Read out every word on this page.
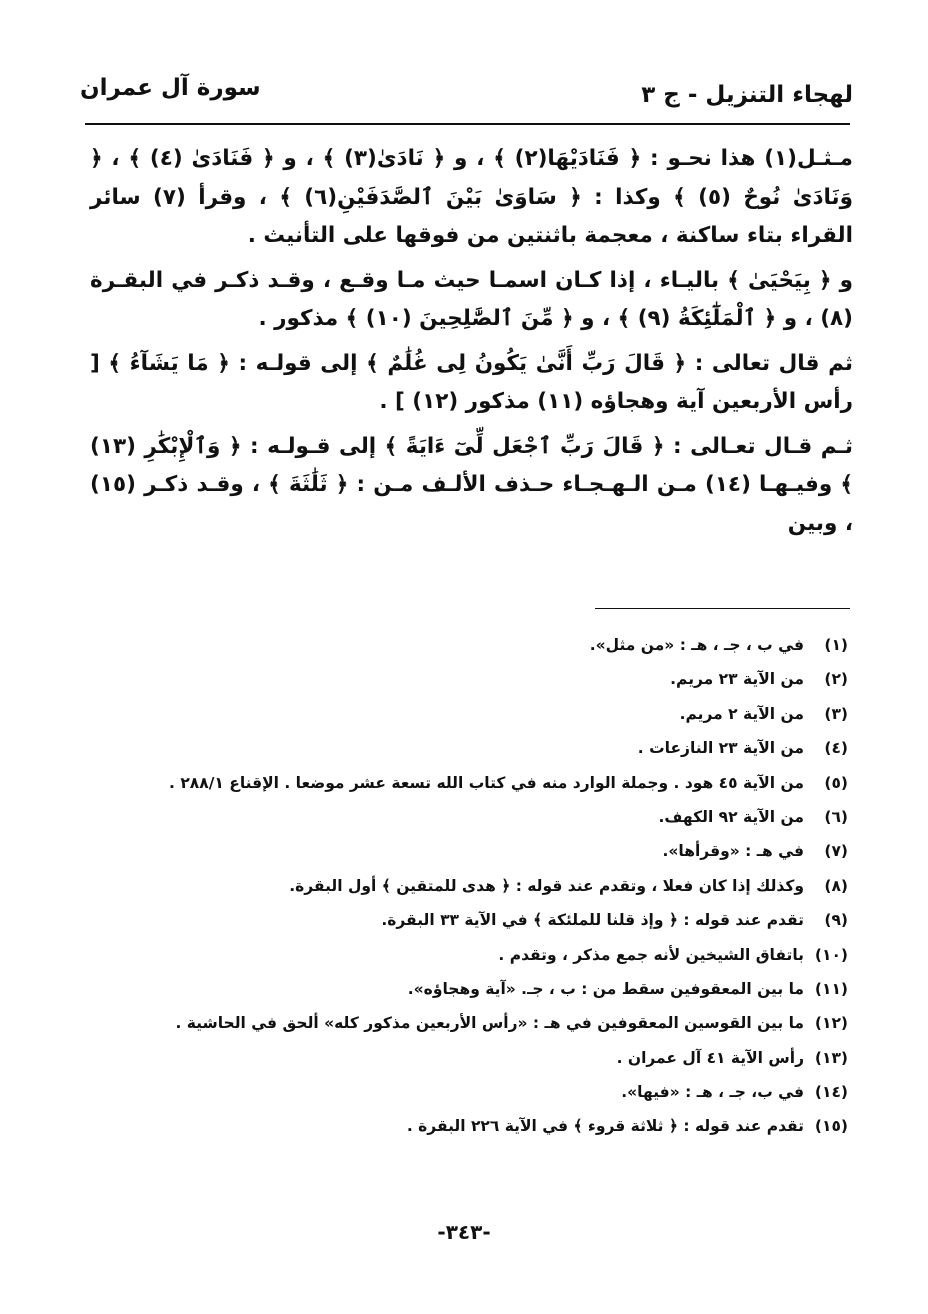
لهجاء التنزيل - ج ٣
سورة آل عمران

مـثـل(١) هذا نحـو : ﴿ فَنَادَيْهَا(٢) ﴾ ، و ﴿ نَادَىٰ(٣) ﴾ ، و ﴿ فَنَادَىٰ (٤) ﴾ ، ﴿ وَنَادَىٰ نُوحٌ (٥) ﴾ وكذا : ﴿ سَاوَىٰ بَيْنَ ٱلصَّدَفَيْنِ(٦) ﴾ ، وقرأ (٧) سائر القراء بتاء ساكنة ، معجمة باثنتين من فوقها على التأنيث .

و ﴿ بِيَحْيَىٰ ﴾ باليـاء ، إذا كـان اسمـا حيث مـا وقـع ، وقـد ذكـر في البقـرة (٨) ، و ﴿ ٱلْمَلَٰٓئِكَةُ (٩) ﴾ ، و ﴿ مِّنَ ٱلصَّٰلِحِينَ (١٠) ﴾ مذكور .

ثم قال تعالى : ﴿ قَالَ رَبِّ أَنَّىٰ يَكُونُ لِى غُلَٰمٌ ﴾ إلى قولـه : ﴿ مَا يَشَآءُ ﴾ [ رأس الأربعين آية وهجاؤه (١١) مذكور (١٢) ] .

ثـم قـال تعـالى : ﴿ قَالَ رَبِّ ٱجْعَل لِّىٓ ءَايَةً ﴾ إلى قـولـه : ﴿ وَٱلْإِبْكَٰرِ (١٣) ﴾ وفيـهـا (١٤) مـن الـهـجـاء حـذف الألـف مـن : ﴿ ثَلَٰثَةَ ﴾ ، وقـد ذكـر (١٥) ، وبين

(١)في ب ، جـ ، هـ : «من مثل».
(٢)من الآية ٢٣ مريم.
(٣)من الآية ٢ مريم.
(٤)من الآية ٢٣ النازعات .
(٥)من الآية ٤٥ هود . وجملة الوارد منه في كتاب الله تسعة عشر موضعا . الإقناع ٢٨٨/١ .
(٦)من الآية ٩٢ الكهف.
(٧)في هـ : «وقرأها».
(٨)وكذلك إذا كان فعلا ، وتقدم عند قوله : ﴿ هدى للمتقين ﴾ أول البقرة.
(٩)تقدم عند قوله : ﴿ وإذ قلنا للملئكة ﴾ في الآية ٣٣ البقرة.
(١٠)باتفاق الشيخين لأنه جمع مذكر ، وتقدم .
(١١)ما بين المعقوفين سقط من : ب ، جـ. «آية وهجاؤه».
(١٢)ما بين القوسين المعقوفين في هـ : «رأس الأربعين مذكور كله» ألحق في الحاشية .
(١٣)رأس الآية ٤١ آل عمران .
(١٤)في ب، جـ ، هـ : «فيها».
(١٥)تقدم عند قوله : ﴿ ثلاثة قروء ﴾ في الآية ٢٢٦ البقرة .
-٣٤٣-
